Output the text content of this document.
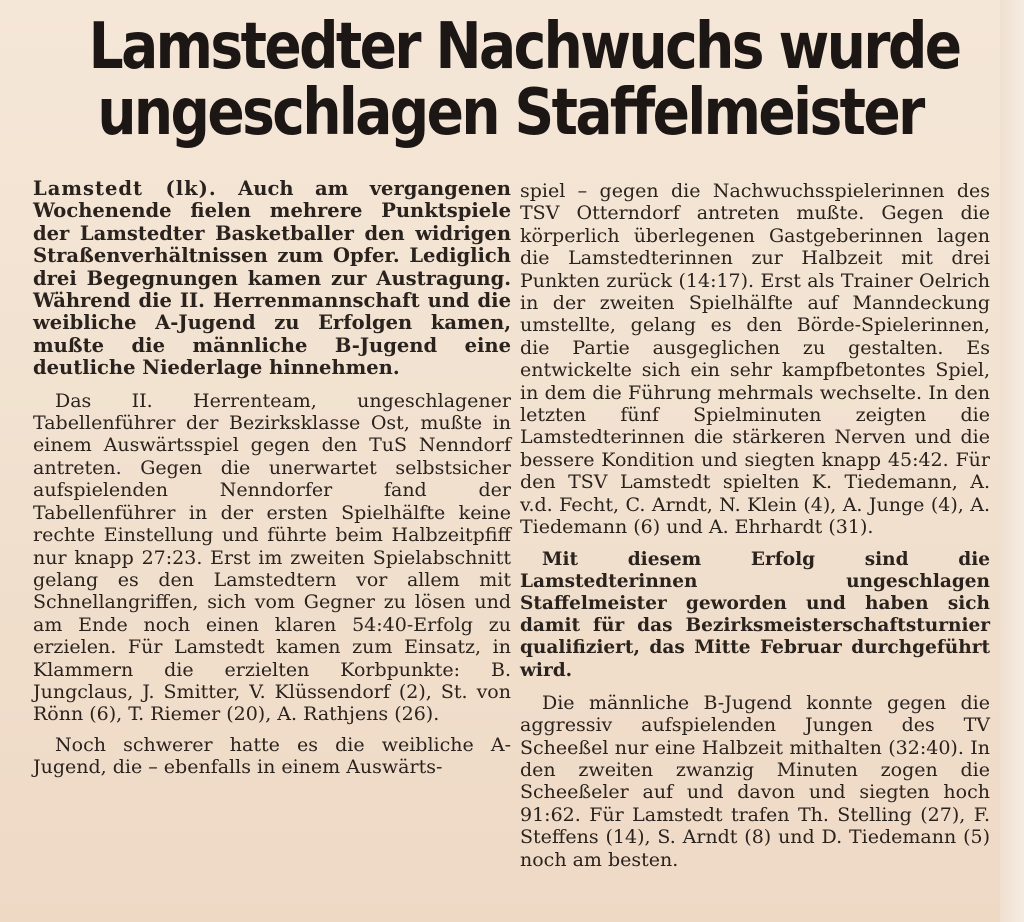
Lamstedter Nachwuchs wurde
ungeschlagen Staffelmeister

Lamstedt (lk). Auch am vergangenen Wochenende fielen mehrere Punktspiele der Lamstedter Basketballer den widrigen Straßenverhältnissen zum Opfer. Lediglich drei Begegnungen kamen zur Austragung. Während die II. Herrenmannschaft und die weibliche A-Jugend zu Erfolgen kamen, mußte die männliche B-Jugend eine deutliche Niederlage hinnehmen.

Das II. Herrenteam, ungeschlagener Tabellenführer der Bezirksklasse Ost, mußte in einem Auswärtsspiel gegen den TuS Nenndorf antreten. Gegen die unerwartet selbstsicher aufspielenden Nenndorfer fand der Tabellenführer in der ersten Spielhälfte keine rechte Einstellung und führte beim Halbzeitpfiff nur knapp 27:23. Erst im zweiten Spielabschnitt gelang es den Lamstedtern vor allem mit Schnellangriffen, sich vom Gegner zu lösen und am Ende noch einen klaren 54:40-Erfolg zu erzielen. Für Lamstedt kamen zum Einsatz, in Klammern die erzielten Korbpunkte: B. Jungclaus, J. Smitter, V. Klüssendorf (2), St. von Rönn (6), T. Riemer (20), A. Rathjens (26).

Noch schwerer hatte es die weibliche A-Jugend, die – ebenfalls in einem Auswärts-

spiel – gegen die Nachwuchsspielerinnen des TSV Otterndorf antreten mußte. Gegen die körperlich überlegenen Gastgeberinnen lagen die Lamstedterinnen zur Halbzeit mit drei Punkten zurück (14:17). Erst als Trainer Oelrich in der zweiten Spielhälfte auf Manndeckung umstellte, gelang es den Börde-Spielerinnen, die Partie ausgeglichen zu gestalten. Es entwickelte sich ein sehr kampfbetontes Spiel, in dem die Führung mehrmals wechselte. In den letzten fünf Spielminuten zeigten die Lamstedterinnen die stärkeren Nerven und die bessere Kondition und siegten knapp 45:42. Für den TSV Lamstedt spielten K. Tiedemann, A. v.d. Fecht, C. Arndt, N. Klein (4), A. Junge (4), A. Tiedemann (6) und A. Ehrhardt (31).

Mit diesem Erfolg sind die Lamstedterinnen ungeschlagen Staffelmeister geworden und haben sich damit für das Bezirksmeisterschaftsturnier qualifiziert, das Mitte Februar durchgeführt wird.

Die männliche B-Jugend konnte gegen die aggressiv aufspielenden Jungen des TV Scheeßel nur eine Halbzeit mithalten (32:40). In den zweiten zwanzig Minuten zogen die Scheeßeler auf und davon und siegten hoch 91:62. Für Lamstedt trafen Th. Stelling (27), F. Steffens (14), S. Arndt (8) und D. Tiedemann (5) noch am besten.
